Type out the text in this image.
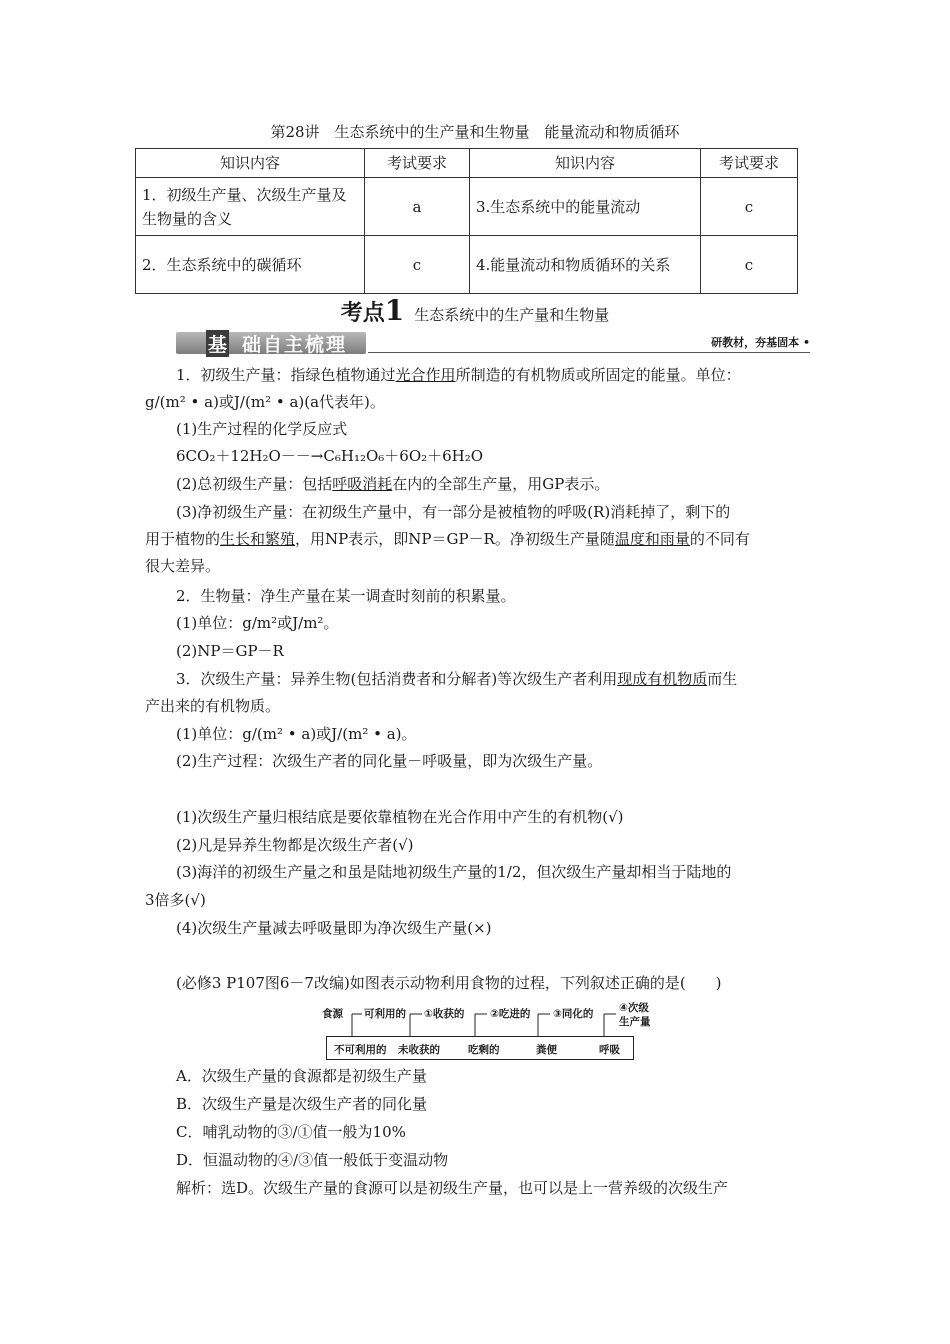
第28讲　生态系统中的生产量和生物量　能量流动和物质循环
知识内容	考试要求	知识内容	考试要求
1．初级生产量、次级生产量及生物量的含义	a	3.生态系统中的能量流动	c
2．生态系统中的碳循环	c	4.能量流动和物质循环的关系	c
考点1 生态系统中的生产量和生物量
基 础自主梳理	研教材，夯基固本 •
1．初级生产量：指绿色植物通过光合作用所制造的有机物质或所固定的能量。单位：
g/(m² • a)或J/(m² • a)(a代表年)。
(1)生产过程的化学反应式
6CO₂＋12H₂O－－→C₆H₁₂O₆＋6O₂＋6H₂O
(2)总初级生产量：包括呼吸消耗在内的全部生产量，用GP表示。
(3)净初级生产量：在初级生产量中，有一部分是被植物的呼吸(R)消耗掉了，剩下的
用于植物的生长和繁殖，用NP表示，即NP＝GP－R。净初级生产量随温度和雨量的不同有
很大差异。
2．生物量：净生产量在某一调查时刻前的积累量。
(1)单位：g/m²或J/m²。
(2)NP＝GP－R
3．次级生产量：异养生物(包括消费者和分解者)等次级生产者利用现成有机物质而生
产出来的有机物质。
(1)单位：g/(m² • a)或J/(m² • a)。
(2)生产过程：次级生产者的同化量－呼吸量，即为次级生产量。
(1)次级生产量归根结底是要依靠植物在光合作用中产生的有机物(√)
(2)凡是异养生物都是次级生产者(√)
(3)海洋的初级生产量之和虽是陆地初级生产量的1/2，但次级生产量却相当于陆地的
3倍多(√)
(4)次级生产量减去呼吸量即为净次级生产量(×)
(必修3 P107图6－7改编)如图表示动物利用食物的过程，下列叙述正确的是(　　)
食源 可利用的 ①收获的 ②吃进的 ③同化的 ④次级
生产量
不可利用的 未收获的	吃剩的	粪便	呼吸
A．次级生产量的食源都是初级生产量
B．次级生产量是次级生产者的同化量
C．哺乳动物的③/①值一般为10%
D．恒温动物的④/③值一般低于变温动物
解析：选D。次级生产量的食源可以是初级生产量，也可以是上一营养级的次级生产
